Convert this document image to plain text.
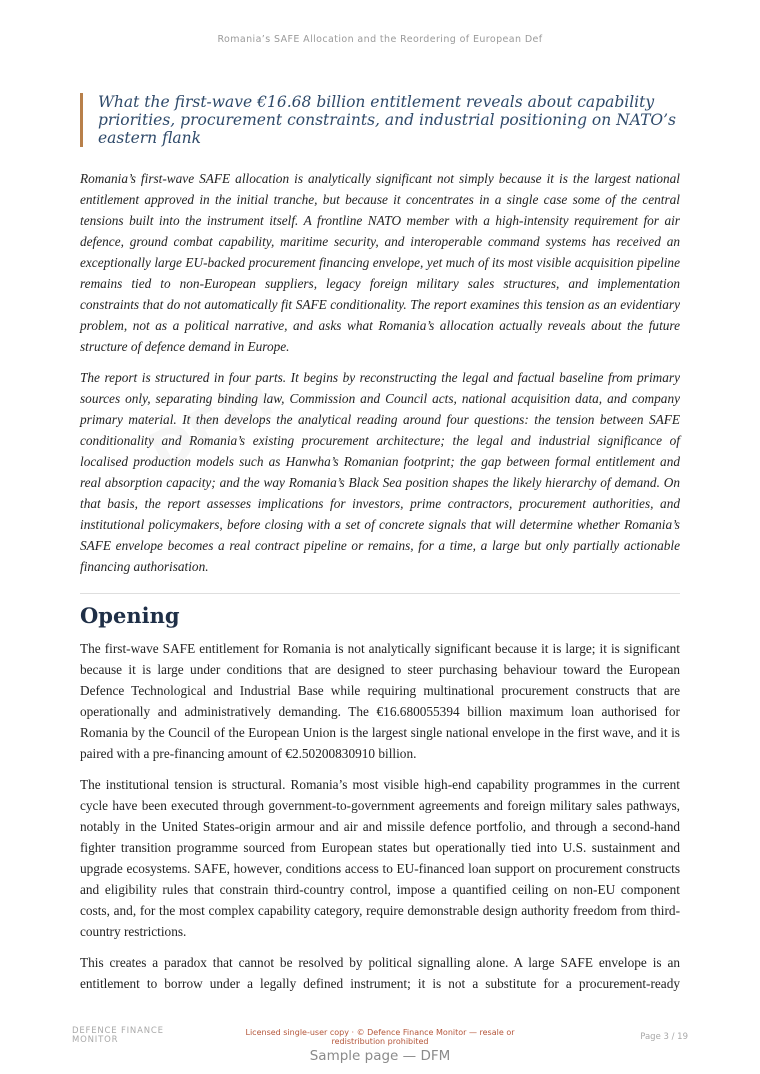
Romania’s SAFE Allocation and the Reordering of European Def
What the first-wave €16.68 billion entitlement reveals about capability priorities, procurement constraints, and industrial positioning on NATO’s eastern flank

Romania’s first-wave SAFE allocation is analytically significant not simply because it is the largest national entitlement approved in the initial tranche, but because it concentrates in a single case some of the central tensions built into the instrument itself. A frontline NATO member with a high-intensity requirement for air defence, ground combat capability, maritime security, and interoperable command systems has received an exceptionally large EU-backed procurement financing envelope, yet much of its most visible acquisition pipeline remains tied to non-European suppliers, legacy foreign military sales structures, and implementation constraints that do not automatically fit SAFE conditionality. The report examines this tension as an evidentiary problem, not as a political narrative, and asks what Romania’s allocation actually reveals about the future structure of defence demand in Europe.

The report is structured in four parts. It begins by reconstructing the legal and factual baseline from primary sources only, separating binding law, Commission and Council acts, national acquisition data, and company primary material. It then develops the analytical reading around four questions: the tension between SAFE conditionality and Romania’s existing procurement architecture; the legal and industrial significance of localised production models such as Hanwha’s Romanian footprint; the gap between formal entitlement and real absorption capacity; and the way Romania’s Black Sea position shapes the likely hierarchy of demand. On that basis, the report assesses implications for investors, prime contractors, procurement authorities, and institutional policymakers, before closing with a set of concrete signals that will determine whether Romania’s SAFE envelope becomes a real contract pipeline or remains, for a time, a large but only partially actionable financing authorisation.

Opening

The first-wave SAFE entitlement for Romania is not analytically significant because it is large; it is significant because it is large under conditions that are designed to steer purchasing behaviour toward the European Defence Technological and Industrial Base while requiring multinational procurement constructs that are operationally and administratively demanding. The €16.680055394 billion maximum loan authorised for Romania by the Council of the European Union is the largest single national envelope in the first wave, and it is paired with a pre-financing amount of €2.50200830910 billion.

The institutional tension is structural. Romania’s most visible high-end capability programmes in the current cycle have been executed through government-to-government agreements and foreign military sales pathways, notably in the United States-origin armour and air and missile defence portfolio, and through a second-hand fighter transition programme sourced from European states but operationally tied into U.S. sustainment and upgrade ecosystems. SAFE, however, conditions access to EU-financed loan support on procurement constructs and eligibility rules that constrain third-country control, impose a quantified ceiling on non-EU component costs, and, for the most complex capability category, require demonstrable design authority freedom from third-country restrictions.

This creates a paradox that cannot be resolved by political signalling alone. A large SAFE envelope is an entitlement to borrow under a legally defined instrument; it is not a substitute for a procurement-ready

DEFENCE FINANCE MONITOR
Licensed single-user copy · © Defence Finance Monitor — resale or redistribution prohibited	Page 3 / 19
Sample page — DFM
